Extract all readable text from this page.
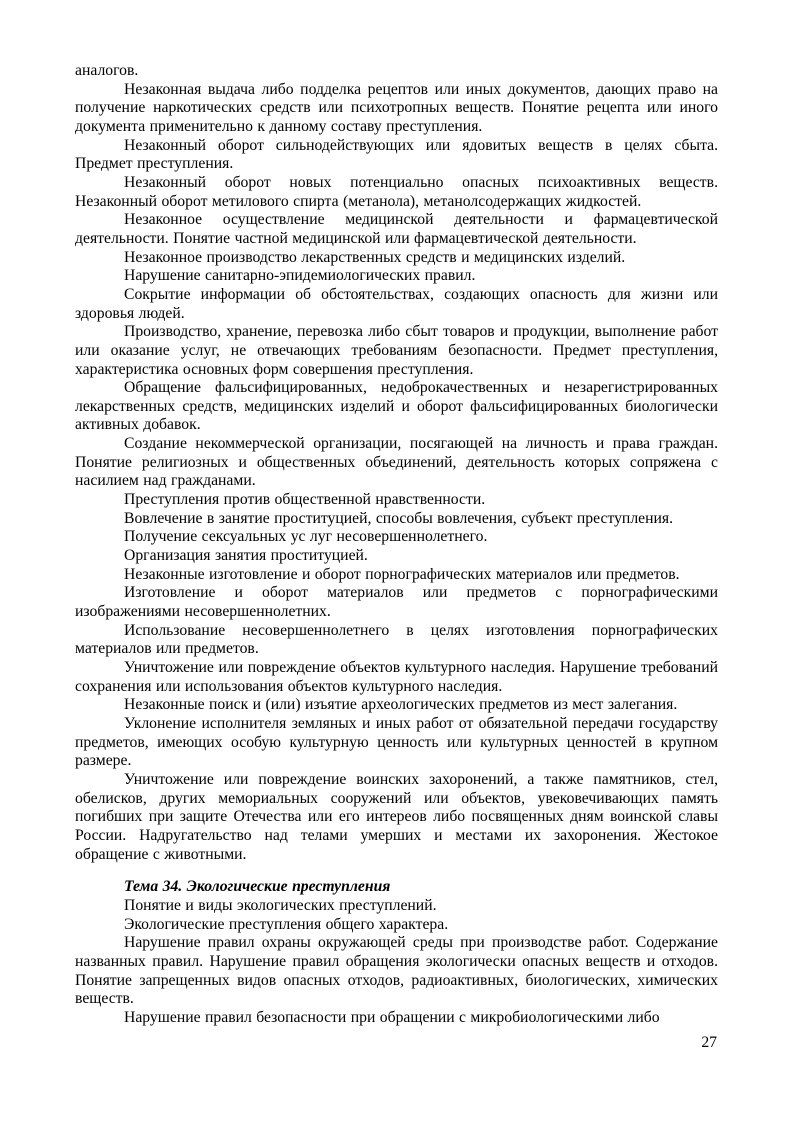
аналогов.

Незаконная выдача либо подделка рецептов или иных документов, дающих право на получение наркотических средств или психотропных веществ. Понятие рецепта или иного документа применительно к данному составу преступления.

Незаконный оборот сильнодействующих или ядовитых веществ в целях сбыта. Предмет преступления.

Незаконный оборот новых потенциально опасных психоактивных веществ. Незаконный оборот метилового спирта (метанола), метанолсодержащих жидкостей.

Незаконное осуществление медицинской деятельности и фармацевтической деятельности. Понятие частной медицинской или фармацевтической деятельности.

Незаконное производство лекарственных средств и медицинских изделий.

Нарушение санитарно-эпидемиологических правил.

Сокрытие информации об обстоятельствах, создающих опасность для жизни или здоровья людей.

Производство, хранение, перевозка либо сбыт товаров и продукции, выполнение работ или оказание услуг, не отвечающих требованиям безопасности. Предмет преступления, характеристика основных форм совершения преступления.

Обращение фальсифицированных, недоброкачественных и незарегистрированных лекарственных средств, медицинских изделий и оборот фальсифицированных биологически активных добавок.

Создание некоммерческой организации, посягающей на личность и права граждан. Понятие религиозных и общественных объединений, деятельность которых сопряжена с насилием над гражданами.

Преступления против общественной нравственности.

Вовлечение в занятие проституцией, способы вовлечения, субъект преступления.

Получение сексуальных ус луг несовершеннолетнего.

Организация занятия проституцией.

Незаконные изготовление и оборот порнографических материалов или предметов.

Изготовление и оборот материалов или предметов с порнографическими изображениями несовершеннолетних.

Использование несовершеннолетнего в целях изготовления порнографических материалов или предметов.

Уничтожение или повреждение объектов культурного наследия. Нарушение требований сохранения или использования объектов культурного наследия.

Незаконные поиск и (или) изъятие археологических предметов из мест залегания.

Уклонение исполнителя земляных и иных работ от обязательной передачи государству предметов, имеющих особую культурную ценность или культурных ценностей в крупном размере.

Уничтожение или повреждение воинских захоронений, а также памятников, стел, обелисков, других мемориальных сооружений или объектов, увековечивающих память погибших при защите Отечества или его интереов либо посвященных дням воинской славы России. Надругательство над телами умерших и местами их захоронения. Жестокое обращение с животными.

Тема 34. Экологические преступления

Понятие и виды экологических преступлений.

Экологические преступления общего характера.

Нарушение правил охраны окружающей среды при производстве работ. Содержание названных правил. Нарушение правил обращения экологически опасных веществ и отходов. Понятие запрещенных видов опасных отходов, радиоактивных, биологических, химических веществ.

Нарушение правил безопасности при обращении с микробиологическими либо

27
